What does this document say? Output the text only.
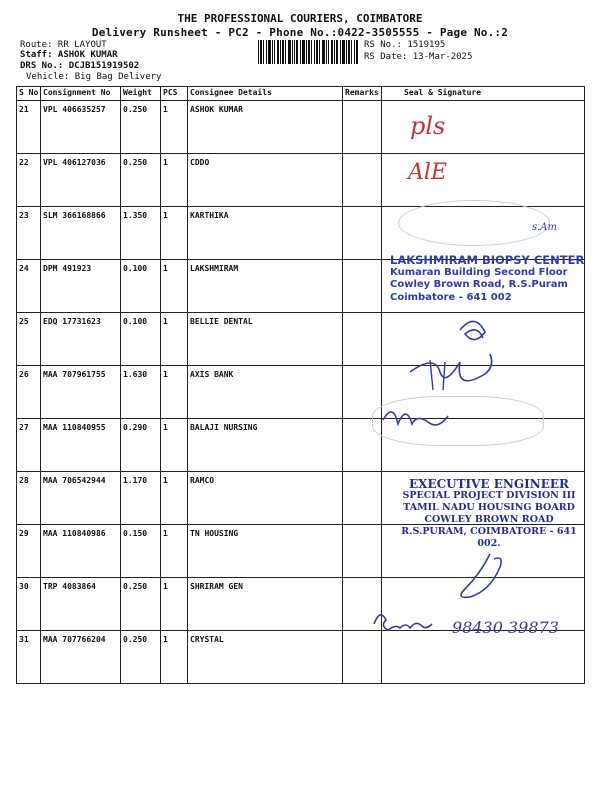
THE PROFESSIONAL COURIERS, COIMBATORE
Delivery Runsheet - PC2 - Phone No.:0422-3505555 - Page No.:2
Route: RR LAYOUT
Staff: ASHOK KUMAR
DRS No.: DCJB151919502
Vehicle: Big Bag Delivery
RS No.: 1519195
RS Date: 13-Mar-2025
S No	Consignment No	Weight	PCS	Consignee Details	Remarks	Seal & Signature
21	VPL 406635257	0.250	1	ASHOK KUMAR		
22	VPL 406127036	0.250	1	CDDO		
23	SLM 366168866	1.350	1	KARTHIKA		
24	DPM 491923	0.100	1	LAKSHMIRAM		
25	EDQ 17731623	0.100	1	BELLIE DENTAL		
26	MAA 707961755	1.630	1	AXIS BANK		
27	MAA 110840955	0.290	1	BALAJI NURSING		
28	MAA 706542944	1.170	1	RAMCO		
29	MAA 110840986	0.150	1	TN HOUSING		
30	TRP 4083864	0.250	1	SHRIRAM GEN		
31	MAA 707766204	0.250	1	CRYSTAL		
pls
AlE
s.Am
LAKSHMIRAM BIOPSY CENTER
Kumaran Building Second Floor
Cowley Brown Road, R.S.Puram
Coimbatore - 641 002
EXECUTIVE ENGINEER
SPECIAL PROJECT DIVISION III
TAMIL NADU HOUSING BOARD
COWLEY BROWN ROAD
R.S.PURAM, COIMBATORE - 641 002.
98430 39873
